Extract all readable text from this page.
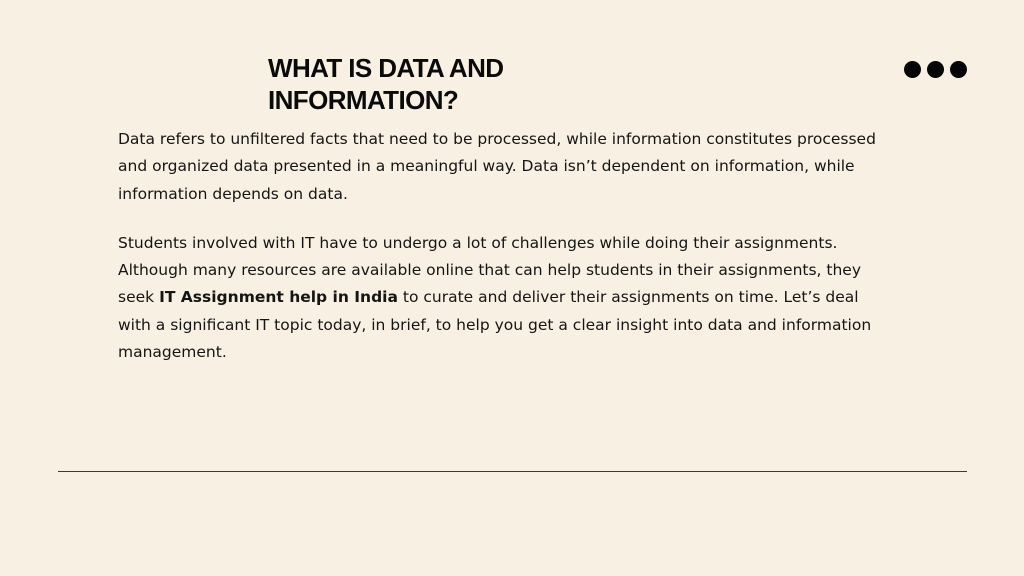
WHAT IS DATA AND
INFORMATION?

Data refers to unfiltered facts that need to be processed, while information constitutes processed and organized data presented in a meaningful way. Data isn’t dependent on information, while information depends on data.

Students involved with IT have to undergo a lot of challenges while doing their assignments. Although many resources are available online that can help students in their assignments, they seek IT Assignment help in India to curate and deliver their assignments on time. Let’s deal with a significant IT topic today, in brief, to help you get a clear insight into data and information management.
